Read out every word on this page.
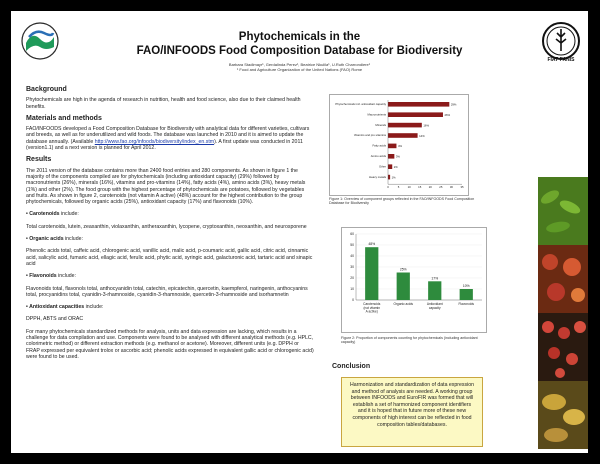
Phytochemicals in the
FAO/INFOODS Food Composition Database for Biodiversity
Barbara Stadlmayr¹, Gerdalinda Perez¹, Beatrice Nkulila¹, U.Ruth Charrondiere¹
¹ Food and Agriculture Organization of the United Nations (FAO) Rome
FIAT PANIS
Background

Phytochemicals are high in the agenda of research in nutrition, health and food science, also due to their claimed health benefits.

Materials and methods

FAO/INFOODS developed a Food Composition Database for Biodiversity with analytical data for different varieties, cultivars and breeds, as well as for underutilized and wild foods. The database was launched in 2010 and it is aimed to update the database annually. (Available http://www.fao.org/infoods/biodiversity/index_en.stm). A first update was conducted in 2011 (version1.1) and a next version is planned for April 2012.

Results

The 2011 version of the database contains more than 2400 food entries and 280 components. As shown in figure 1 the majority of the components compiled are for phytochemicals (including antioxidant capacity) (29%) followed by macronutrients (26%), minerals (16%), vitamins and pro-vitamins (14%), fatty acids (4%), amino acids (3%), heavy metals (1%) and other (2%). The food group with the highest percentage of phytochemicals are potatoes, followed by vegetables and fruits. As shown in figure 2, carotenoids (not vitamin A active) (48%) account for the highest contribution to the group phytochemicals, followed by organic acids (25%), antioxidant capacity (17%) and flavonoids (10%).

• Carotenoids include:

Total carotenoids, lutein, zeaxanthin, violaxanthin, antheraxanthin, lycopene, cryptoxanthin, neoxanthin, and neurosporene

• Organic acids include:

Phenolic acids total, caffeic acid, chlorogenic acid, vanillic acid, malic acid, p-coumaric acid, gallic acid, citric acid, cinnamic acid, salicylic acid, fumaric acid, ellagic acid, ferulic acid, phytic acid, syringic acid, galacturonic acid, tartaric acid and sinapic acid

• Flavonoids include:

Flavonoids total, flavonols total, anthocyanidin total, catechin, epicatechin, quercetin, kaempferol, naringenin, anthocyanins total, procyanidins total, cyanidin-3-rhamnoside, cyanidin-3-rhamnoside, quercetin-3-rhamnoside and isorhamnetin

• Antioxidant capacities include:

DPPH, ABTS and ORAC

For many phytochemicals standardized methods for analysis, units and data expression are lacking, which results in a challenge for data compilation and use. Components were found to be analysed with different analytical methods (e.g. HPLC, colorimetric method) or different extraction methods (e.g. methanol or acetone). Moreover, different units (e.g. DPPH or FRAP expressed per equivalent trolox or ascorbic acid; phenolic acids expressed in equivalent gallic acid or chlorogenic acid) were found to be used.

Phytochemicals incl. antioxidant capacity	29%
Macronutrients	26%
Minerals	16%
Vitamins and pro-vitamins	14%
Fatty acids	4%
Amino acids	3%
Other	2%
Heavy metals 1%
0	5	10	15	20	25	30	35
Figure 1: Overview of component groups reflected in the FAO/INFOODS Food Composition Database for Biodiversity
0
10
20
30
40
50
60
48%
Carotenoids (not vitamin A active)
25%
Organic acids
17%
Antioxidant capacity
10%
Flavonoids
Figure 2: Proportion of components counting for phytochemicals (including antioxidant capacity)
Conclusion
Harmonization and standardization of data expression and method of analysis are needed. A working group between INFOODS and EuroFIR was formed that will establish a set of harmonized component identifiers and it is hoped that in future more of these new components of high interest can be reflected in food composition tables/databases.
